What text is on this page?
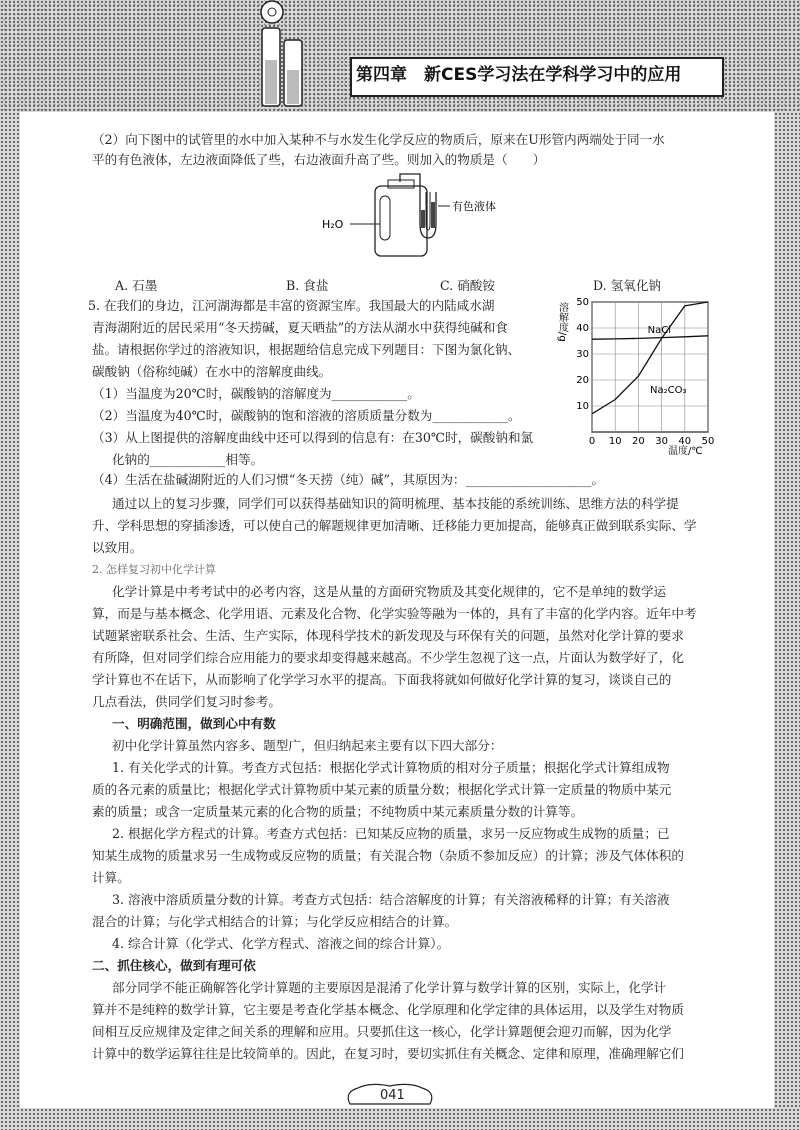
第四章　新CES学习法在学科学习中的应用
（2）向下图中的试管里的水中加入某种不与水发生化学反应的物质后，原来在U形管内两端处于同一水
平的有色液体，左边液面降低了些，右边液面升高了些。则加入的物质是（　　）
H₂O
有色液体
A. 石墨	B. 食盐	C. 硝酸铵	D. 氢氧化钠
5. 在我们的身边，江河湖海都是丰富的资源宝库。我国最大的内陆咸水湖
青海湖附近的居民采用“冬天捞碱，夏天晒盐”的方法从湖水中获得纯碱和食
盐。请根据你学过的溶液知识，根据题给信息完成下列题目：下图为氯化钠、
碳酸钠（俗称纯碱）在水中的溶解度曲线。
（1）当温度为20℃时，碳酸钠的溶解度为____________。
（2）当温度为40℃时，碳酸钠的饱和溶液的溶质质量分数为____________。
（3）从上图提供的溶解度曲线中还可以得到的信息有：在30℃时，碳酸钠和氯
化钠的____________相等。
（4）生活在盐碱湖附近的人们习惯“冬天捞（纯）碱”，其原因为：____________________。
0 10 20 30 40 50
10
20
30
40
50
NaCl
Na₂CO₃
溶解度/g
温度/℃
通过以上的复习步骤，同学们可以获得基础知识的简明梳理、基本技能的系统训练、思维方法的科学提
升、学科思想的穿插渗透，可以使自己的解题规律更加清晰、迁移能力更加提高，能够真正做到联系实际、学
以致用。
2. 怎样复习初中化学计算
化学计算是中考考试中的必考内容，这是从量的方面研究物质及其变化规律的，它不是单纯的数学运
算，而是与基本概念、化学用语、元素及化合物、化学实验等融为一体的，具有了丰富的化学内容。近年中考
试题紧密联系社会、生活、生产实际，体现科学技术的新发现及与环保有关的问题，虽然对化学计算的要求
有所降，但对同学们综合应用能力的要求却变得越来越高。不少学生忽视了这一点，片面认为数学好了，化
学计算也不在话下，从而影响了化学学习水平的提高。下面我将就如何做好化学计算的复习，谈谈自己的
几点看法，供同学们复习时参考。
一、明确范围，做到心中有数
初中化学计算虽然内容多、题型广，但归纳起来主要有以下四大部分：
1. 有关化学式的计算。考查方式包括：根据化学式计算物质的相对分子质量；根据化学式计算组成物
质的各元素的质量比；根据化学式计算物质中某元素的质量分数；根据化学式计算一定质量的物质中某元
素的质量；或含一定质量某元素的化合物的质量；不纯物质中某元素质量分数的计算等。
2. 根据化学方程式的计算。考查方式包括：已知某反应物的质量，求另一反应物或生成物的质量；已
知某生成物的质量求另一生成物或反应物的质量；有关混合物（杂质不参加反应）的计算；涉及气体体积的
计算。
3. 溶液中溶质质量分数的计算。考查方式包括：结合溶解度的计算；有关溶液稀释的计算；有关溶液
混合的计算；与化学式相结合的计算；与化学反应相结合的计算。
4. 综合计算（化学式、化学方程式、溶液之间的综合计算）。
二、抓住核心，做到有理可依
部分同学不能正确解答化学计算题的主要原因是混淆了化学计算与数学计算的区别，实际上，化学计
算并不是纯粹的数学计算，它主要是考查化学基本概念、化学原理和化学定律的具体运用，以及学生对物质
间相互反应规律及定律之间关系的理解和应用。只要抓住这一核心，化学计算题便会迎刃而解，因为化学
计算中的数学运算往往是比较简单的。因此，在复习时，要切实抓住有关概念、定律和原理，准确理解它们
041
